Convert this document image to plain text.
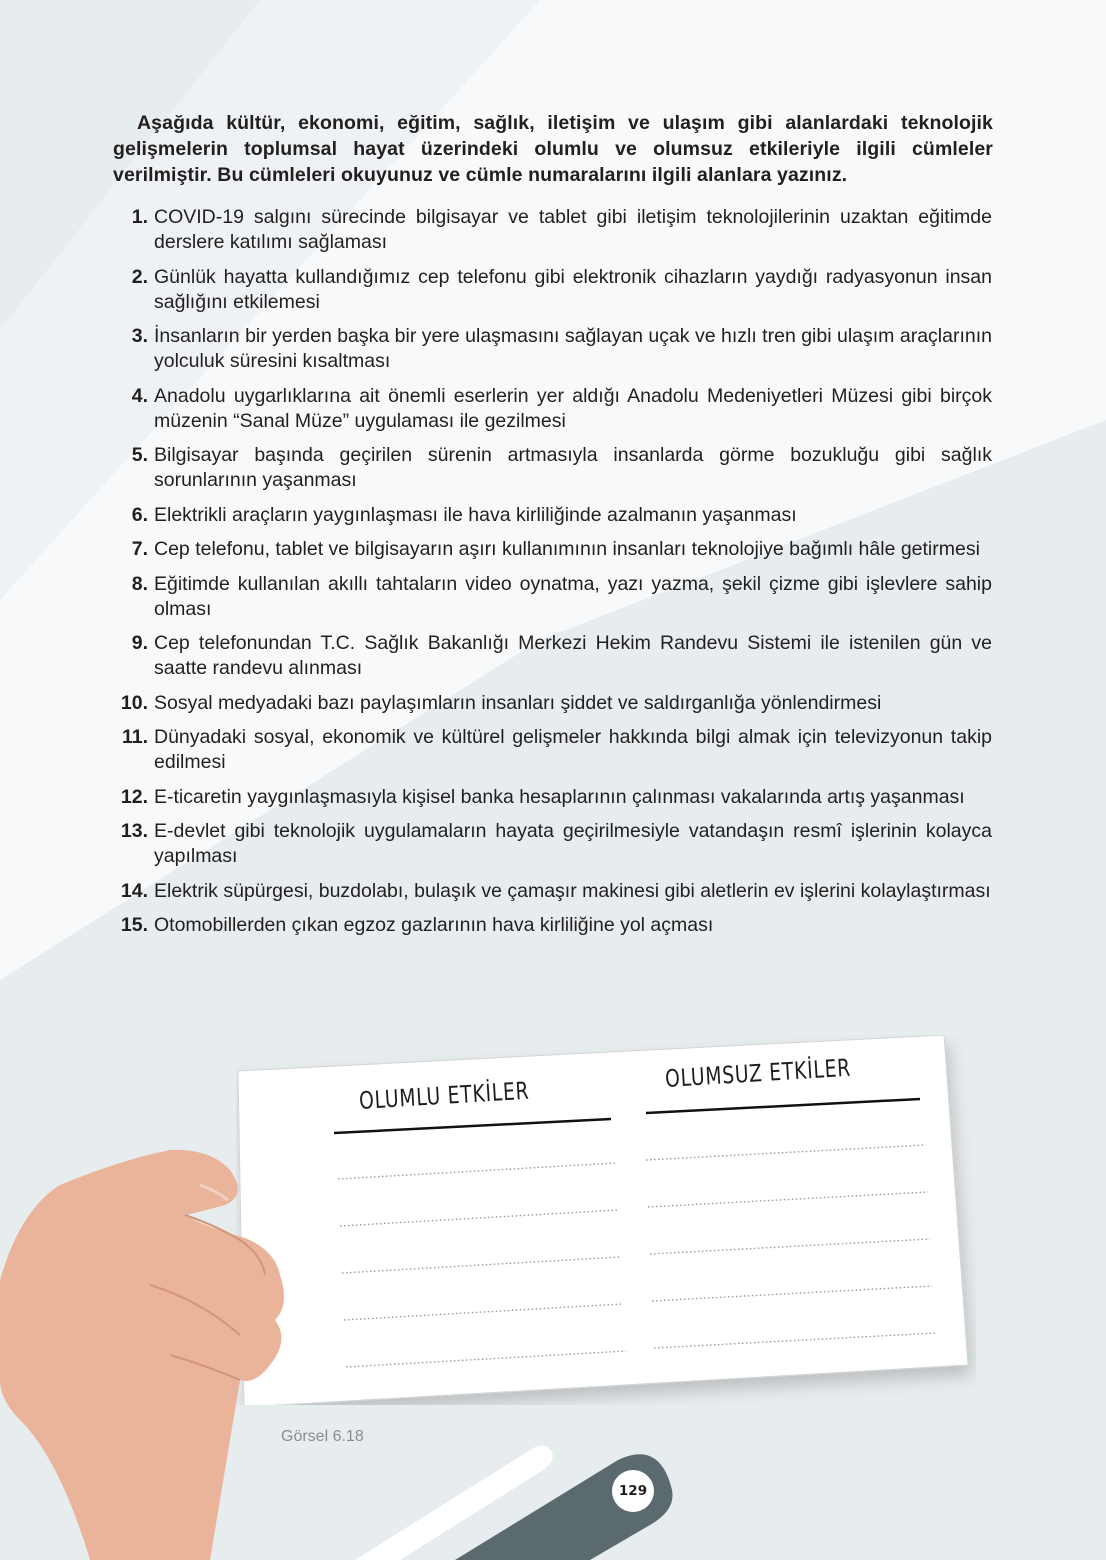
Aşağıda kültür, ekonomi, eğitim, sağlık, iletişim ve ulaşım gibi alanlardaki teknolojik gelişmelerin toplumsal hayat üzerindeki olumlu ve olumsuz etkileriyle ilgili cümleler verilmiştir. Bu cümleleri okuyunuz ve cümle numaralarını ilgili alanlara yazınız.

1. COVID-19 salgını sürecinde bilgisayar ve tablet gibi iletişim teknolojilerinin uzaktan eğitimde derslere katılımı sağlaması
2. Günlük hayatta kullandığımız cep telefonu gibi elektronik cihazların yaydığı radyasyonun insan sağlığını etkilemesi
3. İnsanların bir yerden başka bir yere ulaşmasını sağlayan uçak ve hızlı tren gibi ulaşım araçlarının yolculuk süresini kısaltması
4. Anadolu uygarlıklarına ait önemli eserlerin yer aldığı Anadolu Medeniyetleri Müzesi gibi birçok müzenin “Sanal Müze” uygulaması ile gezilmesi
5. Bilgisayar başında geçirilen sürenin artmasıyla insanlarda görme bozukluğu gibi sağlık sorunlarının yaşanması
6. Elektrikli araçların yaygınlaşması ile hava kirliliğinde azalmanın yaşanması
7. Cep telefonu, tablet ve bilgisayarın aşırı kullanımının insanları teknolojiye bağımlı hâle getirmesi
8. Eğitimde kullanılan akıllı tahtaların video oynatma, yazı yazma, şekil çizme gibi işlevlere sahip olması
9. Cep telefonundan T.C. Sağlık Bakanlığı Merkezi Hekim Randevu Sistemi ile istenilen gün ve saatte randevu alınması
10. Sosyal medyadaki bazı paylaşımların insanları şiddet ve saldırganlığa yönlendirmesi
11. Dünyadaki sosyal, ekonomik ve kültürel gelişmeler hakkında bilgi almak için televizyonun takip edilmesi
12. E-ticaretin yaygınlaşmasıyla kişisel banka hesaplarının çalınması vakalarında artış yaşanması
13. E-devlet gibi teknolojik uygulamaların hayata geçirilmesiyle vatandaşın resmî işlerinin kolayca yapılması
14. Elektrik süpürgesi, buzdolabı, bulaşık ve çamaşır makinesi gibi aletlerin ev işlerini kolaylaştırması
15. Otomobillerden çıkan egzoz gazlarının hava kirliliğine yol açması
OLUMLU ETKİLER
OLUMSUZ ETKİLER
Görsel 6.18
129
